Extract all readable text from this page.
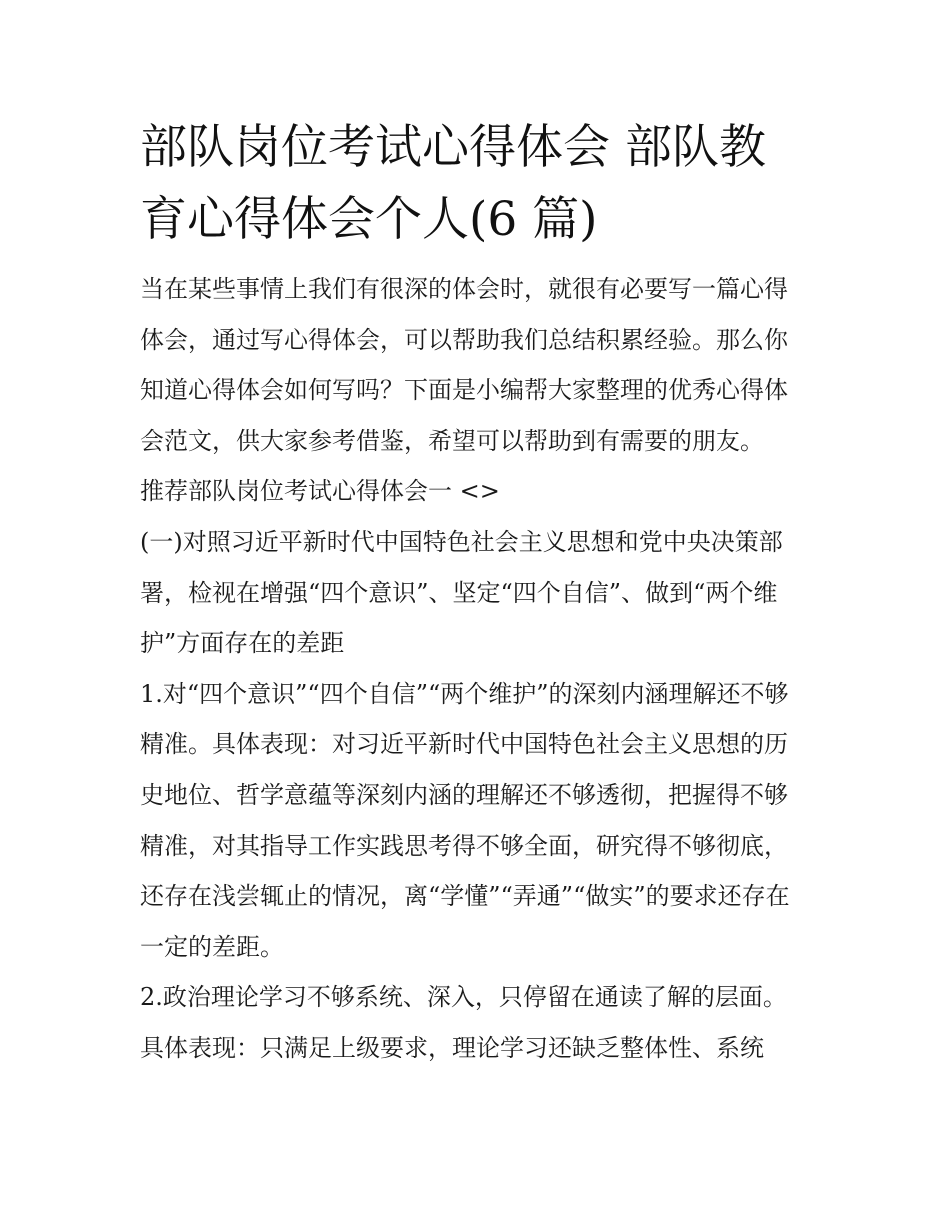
部队岗位考试心得体会 部队教
育心得体会个人(6 篇)

当在某些事情上我们有很深的体会时，就很有必要写一篇心得
体会，通过写心得体会，可以帮助我们总结积累经验。那么你
知道心得体会如何写吗？下面是小编帮大家整理的优秀心得体
会范文，供大家参考借鉴，希望可以帮助到有需要的朋友。

推荐部队岗位考试心得体会一 <>

(一)对照习近平新时代中国特色社会主义思想和党中央决策部
署，检视在增强“四个意识”、坚定“四个自信”、做到“两个维
护”方面存在的差距

1.对“四个意识”“四个自信”“两个维护”的深刻内涵理解还不够
精准。具体表现：对习近平新时代中国特色社会主义思想的历
史地位、哲学意蕴等深刻内涵的理解还不够透彻，把握得不够
精准，对其指导工作实践思考得不够全面，研究得不够彻底，
还存在浅尝辄止的情况，离“学懂”“弄通”“做实”的要求还存在
一定的差距。

2.政治理论学习不够系统、深入，只停留在通读了解的层面。
具体表现：只满足上级要求，理论学习还缺乏整体性、系统
